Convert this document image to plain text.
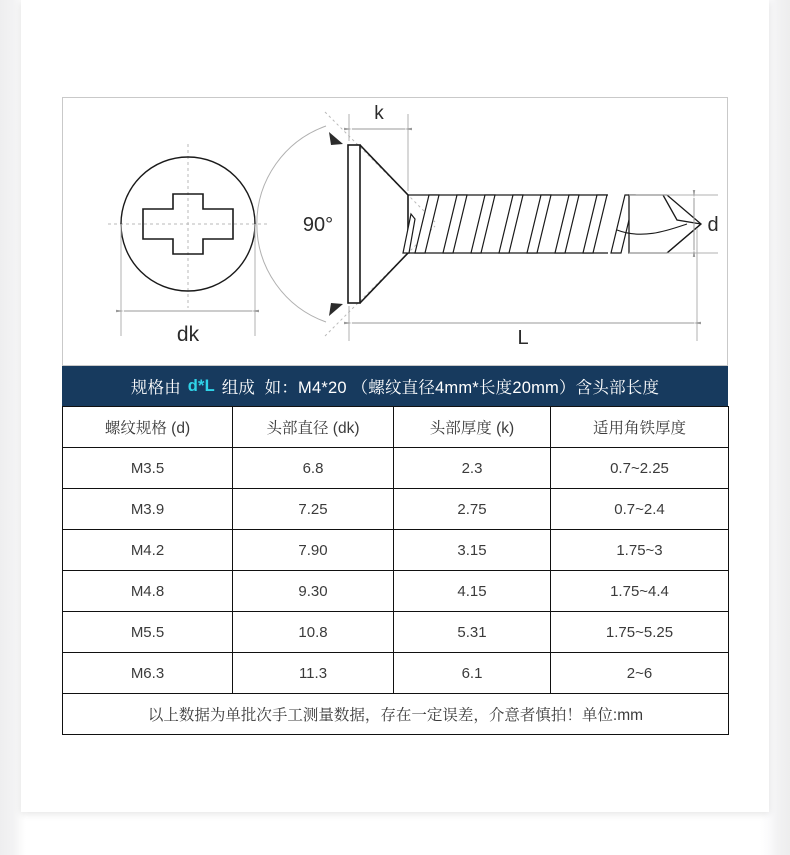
dk
90°
k
d
L
规格由 d*L 组成  如：M4*20 （螺纹直径4mm*长度20mm）含头部长度
螺纹规格 (d)	头部直径 (dk)	头部厚度 (k)	适用角铁厚度
M3.5	6.8	2.3	0.7~2.25
M3.9	7.25	2.75	0.7~2.4
M4.2	7.90	3.15	1.75~3
M4.8	9.30	4.15	1.75~4.4
M5.5	10.8	5.31	1.75~5.25
M6.3	11.3	6.1	2~6
以上数据为单批次手工测量数据，存在一定误差，介意者慎拍！单位:mm			
